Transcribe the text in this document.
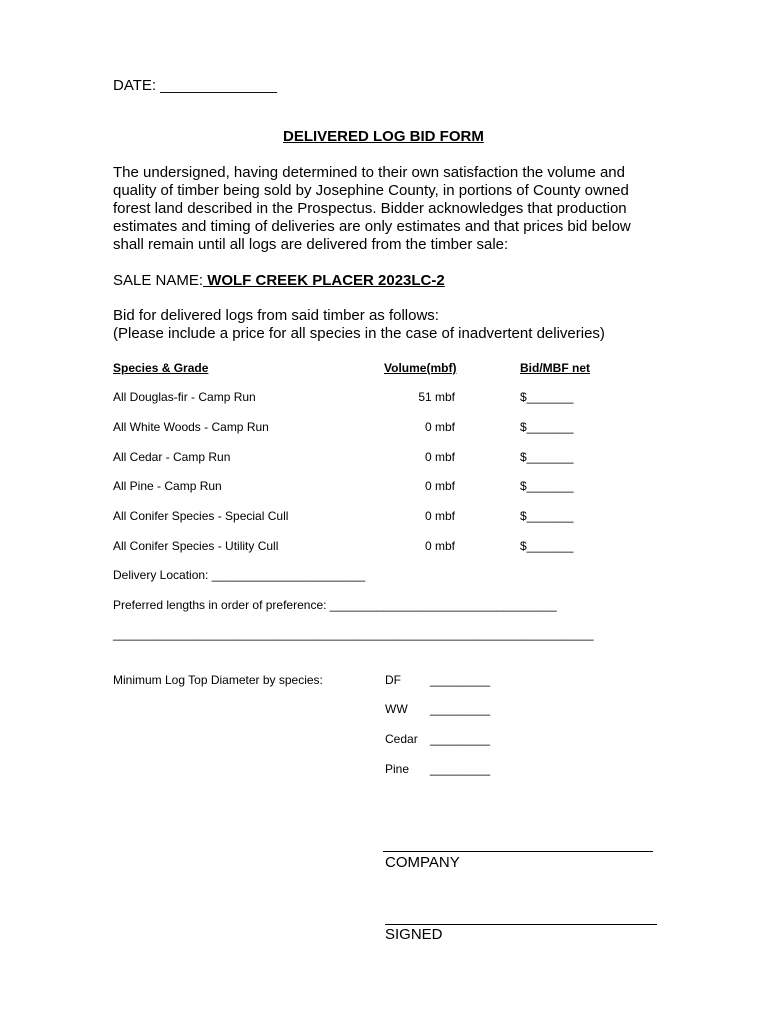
DATE: ______________
DELIVERED LOG BID FORM
The undersigned, having determined to their own satisfaction the volume and quality of timber being sold by Josephine County, in portions of County owned forest land described in the Prospectus. Bidder acknowledges that production estimates and timing of deliveries are only estimates and that prices bid below shall remain until all logs are delivered from the timber sale:
SALE NAME: WOLF CREEK PLACER 2023LC-2
Bid for delivered logs from said timber as follows:
(Please include a price for all species in the case of inadvertent deliveries)
Species & Grade	Volume(mbf)	Bid/MBF net
All Douglas-fir - Camp Run	51 mbf	$_______
All White Woods - Camp Run	0 mbf	$_______
All Cedar - Camp Run	0 mbf	$_______
All Pine - Camp Run	0 mbf	$_______
All Conifer Species - Special Cull	0 mbf	$_______
All Conifer Species - Utility Cull	0 mbf	$_______
Delivery Location: _______________________
Preferred lengths in order of preference: __________________________________
________________________________________________________________________
Minimum Log Top Diameter by species:	DF _________
WW _________
Cedar _________
Pine _________
COMPANY
SIGNED
